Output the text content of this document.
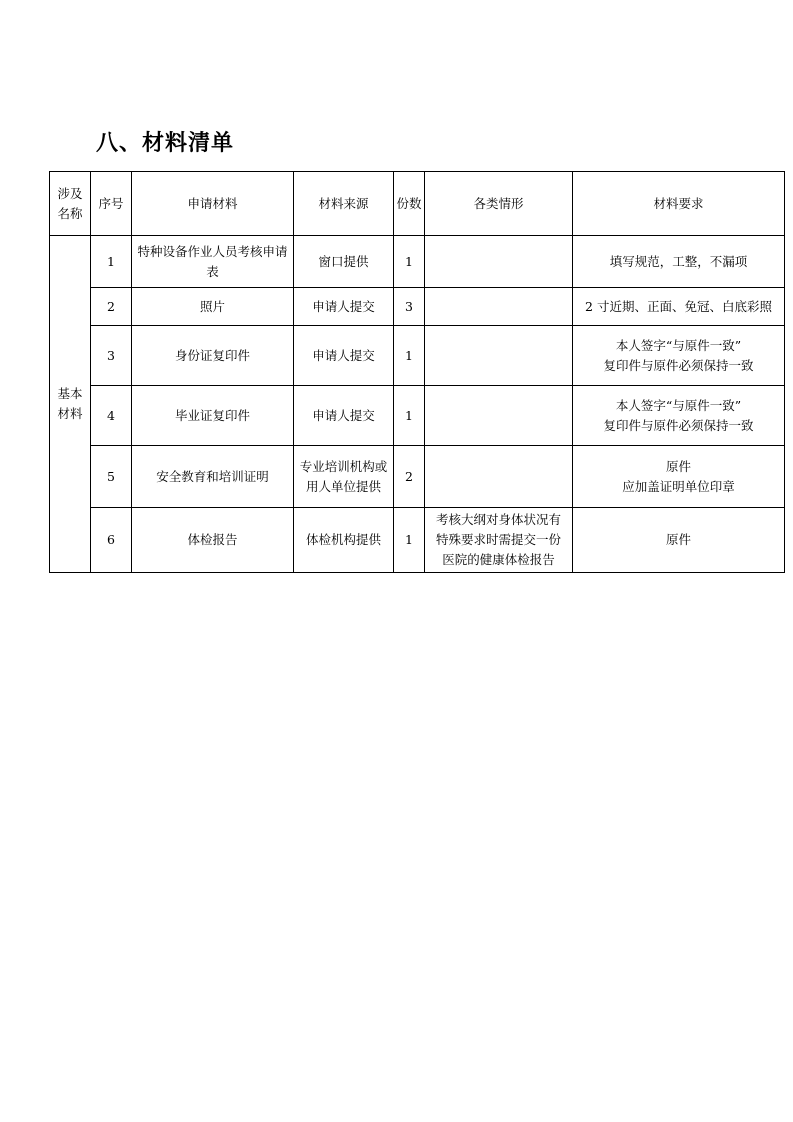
八、材料清单
涉及
名称	序号	申请材料	材料来源	份数	各类情形	材料要求

基本
材料	1	特种设备作业人员考核申请表	窗口提供	1		填写规范，工整，不漏项

	2	照片	申请人提交	3		2 寸近期、正面、免冠、白底彩照

	3	身份证复印件	申请人提交	1		本人签字“与原件一致”
复印件与原件必须保持一致

	4	毕业证复印件	申请人提交	1		本人签字“与原件一致”
复印件与原件必须保持一致

	5	安全教育和培训证明	专业培训机构或
用人单位提供	2		原件
应加盖证明单位印章

	6	体检报告	体检机构提供	1	考核大纲对身体状况有
特殊要求时需提交一份
医院的健康体检报告	原件
